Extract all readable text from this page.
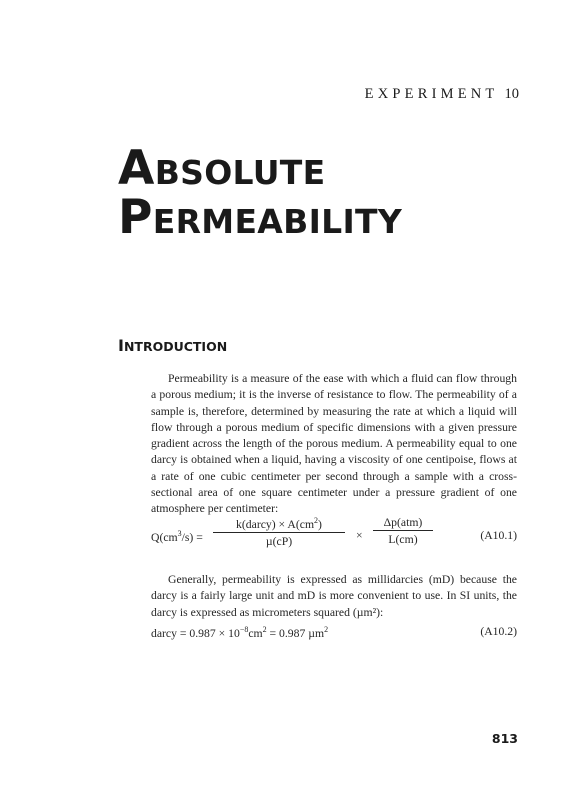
EXPERIMENT 10
ABSOLUTE
PERMEABILITY
INTRODUCTION

Permeability is a measure of the ease with which a fluid can flow through a porous medium; it is the inverse of resistance to flow. The permeability of a sample is, therefore, determined by measuring the rate at which a liquid will flow through a porous medium of specific dimensions with a given pressure gradient across the length of the porous medium. A permeability equal to one darcy is obtained when a liquid, having a viscosity of one centipoise, flows at a rate of one cubic centimeter per second through a sample with a cross-sectional area of one square centimeter under a pressure gradient of one atmosphere per centimeter:

$Q(cm^3/s)$ =
k(darcy) × $A(cm^2)$
µ(cP)	×
Δp(atm)
L(cm)	(A10.1)

Generally, permeability is expressed as millidarcies (mD) because the darcy is a fairly large unit and mD is more convenient to use. In SI units, the darcy is expressed as micrometers squared (µm²):

darcy = $0.987 \times 10^{-8}cm^2 = 0.987$ µm$^2$	(A10.2)
813
